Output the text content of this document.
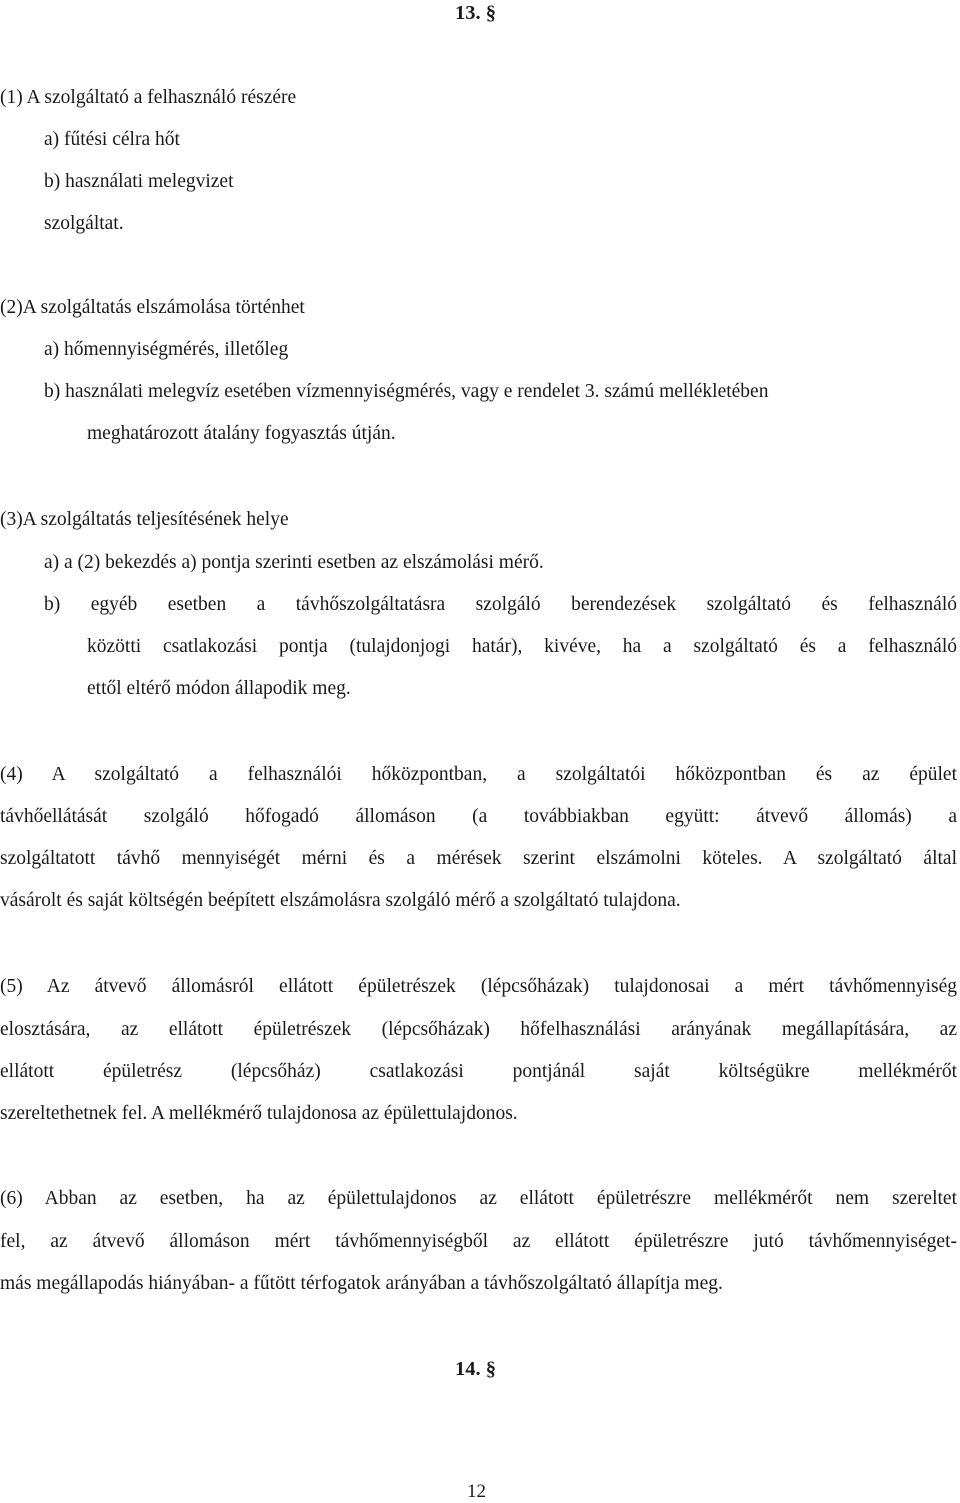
13. §
(1) A szolgáltató a felhasználó részére
a) fűtési célra hőt
b) használati melegvizet
szolgáltat.
(2)A szolgáltatás elszámolása történhet
a) hőmennyiségmérés, illetőleg
b) használati melegvíz esetében vízmennyiségmérés, vagy e rendelet 3. számú mellékletében
meghatározott átalány fogyasztás útján.
(3)A szolgáltatás teljesítésének helye
a) a (2) bekezdés a) pontja szerinti esetben az elszámolási mérő.
b) egyéb esetben a távhőszolgáltatásra szolgáló berendezések szolgáltató és felhasználó
közötti csatlakozási pontja (tulajdonjogi határ), kivéve, ha a szolgáltató és a felhasználó
ettől eltérő módon állapodik meg.
(4) A szolgáltató a felhasználói hőközpontban, a szolgáltatói hőközpontban és az épület
távhőellátását szolgáló hőfogadó állomáson (a továbbiakban együtt: átvevő állomás) a
szolgáltatott távhő mennyiségét mérni és a mérések szerint elszámolni köteles. A szolgáltató által
vásárolt és saját költségén beépített elszámolásra szolgáló mérő a szolgáltató tulajdona.
(5) Az átvevő állomásról ellátott épületrészek (lépcsőházak) tulajdonosai a mért távhőmennyiség
elosztására, az ellátott épületrészek (lépcsőházak) hőfelhasználási arányának megállapítására, az
ellátott épületrész (lépcsőház) csatlakozási pontjánál saját költségükre mellékmérőt
szereltethetnek fel. A mellékmérő tulajdonosa az épülettulajdonos.
(6) Abban az esetben, ha az épülettulajdonos az ellátott épületrészre mellékmérőt nem szereltet
fel, az átvevő állomáson mért távhőmennyiségből az ellátott épületrészre jutó távhőmennyiséget-
más megállapodás hiányában- a fűtött térfogatok arányában a távhőszolgáltató állapítja meg.
14. §
12
